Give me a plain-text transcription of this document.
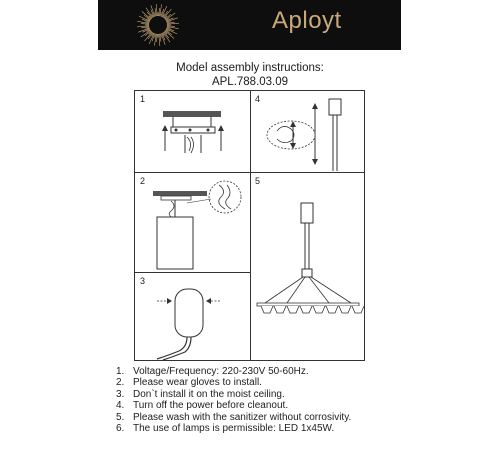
Aployt
Model assembly instructions:
APL.788.03.09
1	4
2	5
3
1. Voltage/Frequency: 220-230V 50-60Hz.
2. Please wear gloves to install.
3. Don`t install it on the moist ceiling.
4. Turn off the power before cleanout.
5. Please wash with the sanitizer without corrosivity.
6. The use of lamps is permissible: LED 1x45W.
